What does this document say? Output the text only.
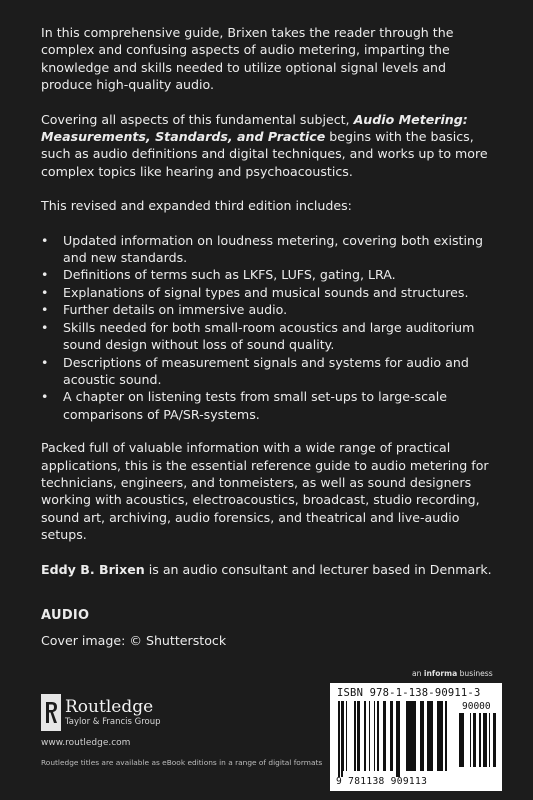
In this comprehensive guide, Brixen takes the reader through the complex and confusing aspects of audio metering, imparting the knowledge and skills needed to utilize optional signal levels and produce high-quality audio.

Covering all aspects of this fundamental subject, Audio Metering: Measurements, Standards, and Practice begins with the basics, such as audio definitions and digital techniques, and works up to more complex topics like hearing and psychoacoustics.

This revised and expanded third edition includes:

• Updated information on loudness metering, covering both existing and new standards.
• Definitions of terms such as LKFS, LUFS, gating, LRA.
• Explanations of signal types and musical sounds and structures.
• Further details on immersive audio.
• Skills needed for both small-room acoustics and large auditorium sound design without loss of sound quality.
• Descriptions of measurement signals and systems for audio and acoustic sound.
• A chapter on listening tests from small set-ups to large-scale comparisons of PA/SR-systems.

Packed full of valuable information with a wide range of practical applications, this is the essential reference guide to audio metering for technicians, engineers, and tonmeisters, as well as sound designers working with acoustics, electroacoustics, broadcast, studio recording, sound art, archiving, audio forensics, and theatrical and live-audio setups.

Eddy B. Brixen is an audio consultant and lecturer based in Denmark.

AUDIO
Cover image: © Shutterstock
Routledge
Taylor & Francis Group
www.routledge.com
Routledge titles are available as eBook editions in a range of digital formats
an informa business
ISBN 978-1-138-90911-3
90000
9 781138 909113
